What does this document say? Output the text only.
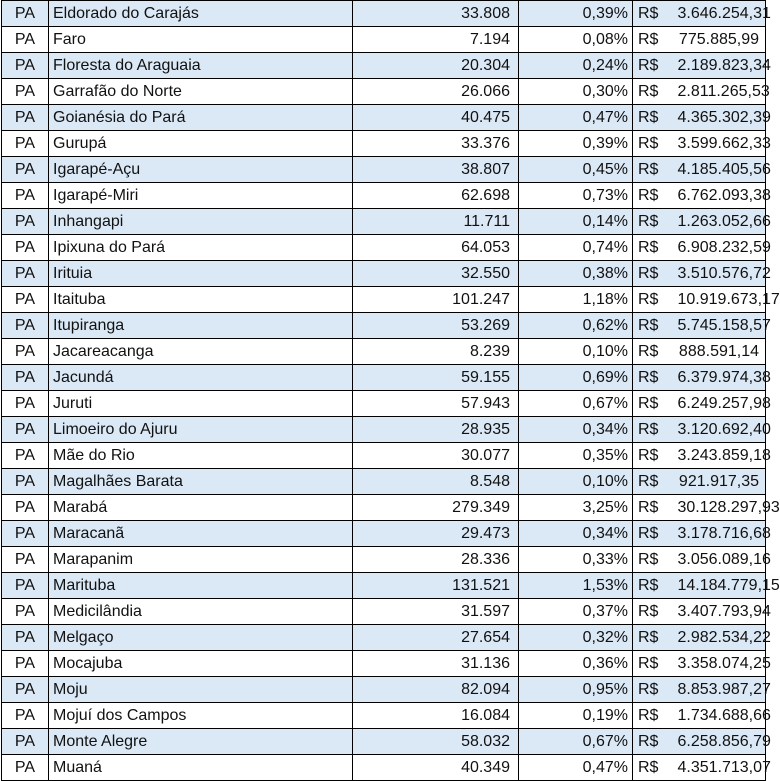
PA	Eldorado do Carajás	33.808	0,39%	R$	3.646.254,31
PA	Faro	7.194	0,08%	R$	775.885,99
PA	Floresta do Araguaia	20.304	0,24%	R$	2.189.823,34
PA	Garrafão do Norte	26.066	0,30%	R$	2.811.265,53
PA	Goianésia do Pará	40.475	0,47%	R$	4.365.302,39
PA	Gurupá	33.376	0,39%	R$	3.599.662,33
PA	Igarapé-Açu	38.807	0,45%	R$	4.185.405,56
PA	Igarapé-Miri	62.698	0,73%	R$	6.762.093,38
PA	Inhangapi	11.711	0,14%	R$	1.263.052,66
PA	Ipixuna do Pará	64.053	0,74%	R$	6.908.232,59
PA	Irituia	32.550	0,38%	R$	3.510.576,72
PA	Itaituba	101.247	1,18%	R$	10.919.673,17
PA	Itupiranga	53.269	0,62%	R$	5.745.158,57
PA	Jacareacanga	8.239	0,10%	R$	888.591,14
PA	Jacundá	59.155	0,69%	R$	6.379.974,38
PA	Juruti	57.943	0,67%	R$	6.249.257,98
PA	Limoeiro do Ajuru	28.935	0,34%	R$	3.120.692,40
PA	Mãe do Rio	30.077	0,35%	R$	3.243.859,18
PA	Magalhães Barata	8.548	0,10%	R$	921.917,35
PA	Marabá	279.349	3,25%	R$	30.128.297,93
PA	Maracanã	29.473	0,34%	R$	3.178.716,68
PA	Marapanim	28.336	0,33%	R$	3.056.089,16
PA	Marituba	131.521	1,53%	R$	14.184.779,15
PA	Medicilândia	31.597	0,37%	R$	3.407.793,94
PA	Melgaço	27.654	0,32%	R$	2.982.534,22
PA	Mocajuba	31.136	0,36%	R$	3.358.074,25
PA	Moju	82.094	0,95%	R$	8.853.987,27
PA	Mojuí dos Campos	16.084	0,19%	R$	1.734.688,66
PA	Monte Alegre	58.032	0,67%	R$	6.258.856,79
PA	Muaná	40.349	0,47%	R$	4.351.713,07
